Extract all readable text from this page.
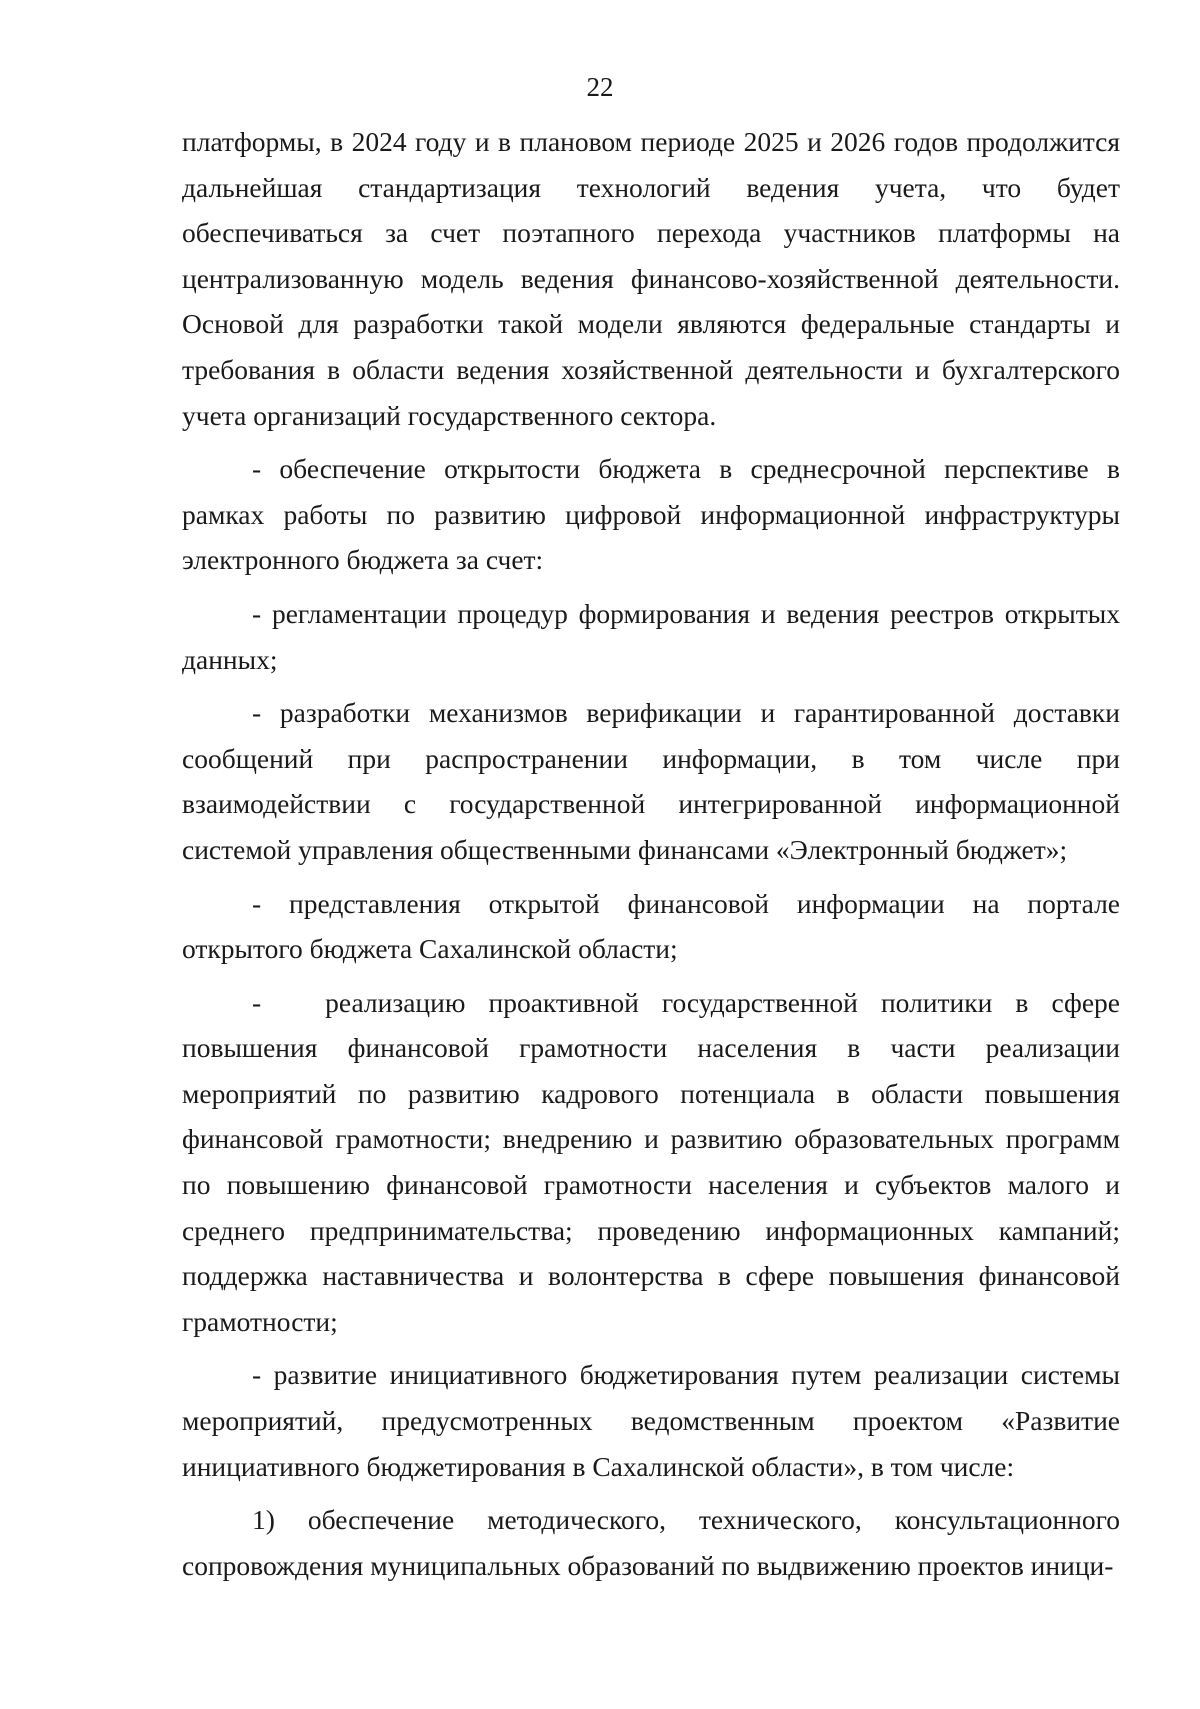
22

платформы, в 2024 году и в плановом периоде 2025 и 2026 годов продолжится дальнейшая стандартизация технологий ведения учета, что будет обеспечиваться за счет поэтапного перехода участников платформы на централизованную модель ведения финансово-хозяйственной деятельности. Основой для разработки такой модели являются федеральные стандарты и требования в области ведения хозяйственной деятельности и бухгалтерского учета организаций государственного сектора.

- обеспечение открытости бюджета в среднесрочной перспективе в рамках работы по развитию цифровой информационной инфраструктуры электронного бюджета за счет:

- регламентации процедур формирования и ведения реестров открытых данных;

- разработки механизмов верификации и гарантированной доставки сообщений при распространении информации, в том числе при взаимодействии с государственной интегрированной информационной системой управления общественными финансами «Электронный бюджет»;

- представления открытой финансовой информации на портале открытого бюджета Сахалинской области;

- реализацию проактивной государственной политики в сфере повышения финансовой грамотности населения в части реализации мероприятий по развитию кадрового потенциала в области повышения финансовой грамотности; внедрению и развитию образовательных программ по повышению финансовой грамотности населения и субъектов малого и среднего предпринимательства; проведению информационных кампаний; поддержка наставничества и волонтерства в сфере повышения финансовой грамотности;

- развитие инициативного бюджетирования путем реализации системы мероприятий, предусмотренных ведомственным проектом «Развитие инициативного бюджетирования в Сахалинской области», в том числе:

1) обеспечение методического, технического, консультационного сопровождения муниципальных образований по выдвижению проектов иници-
